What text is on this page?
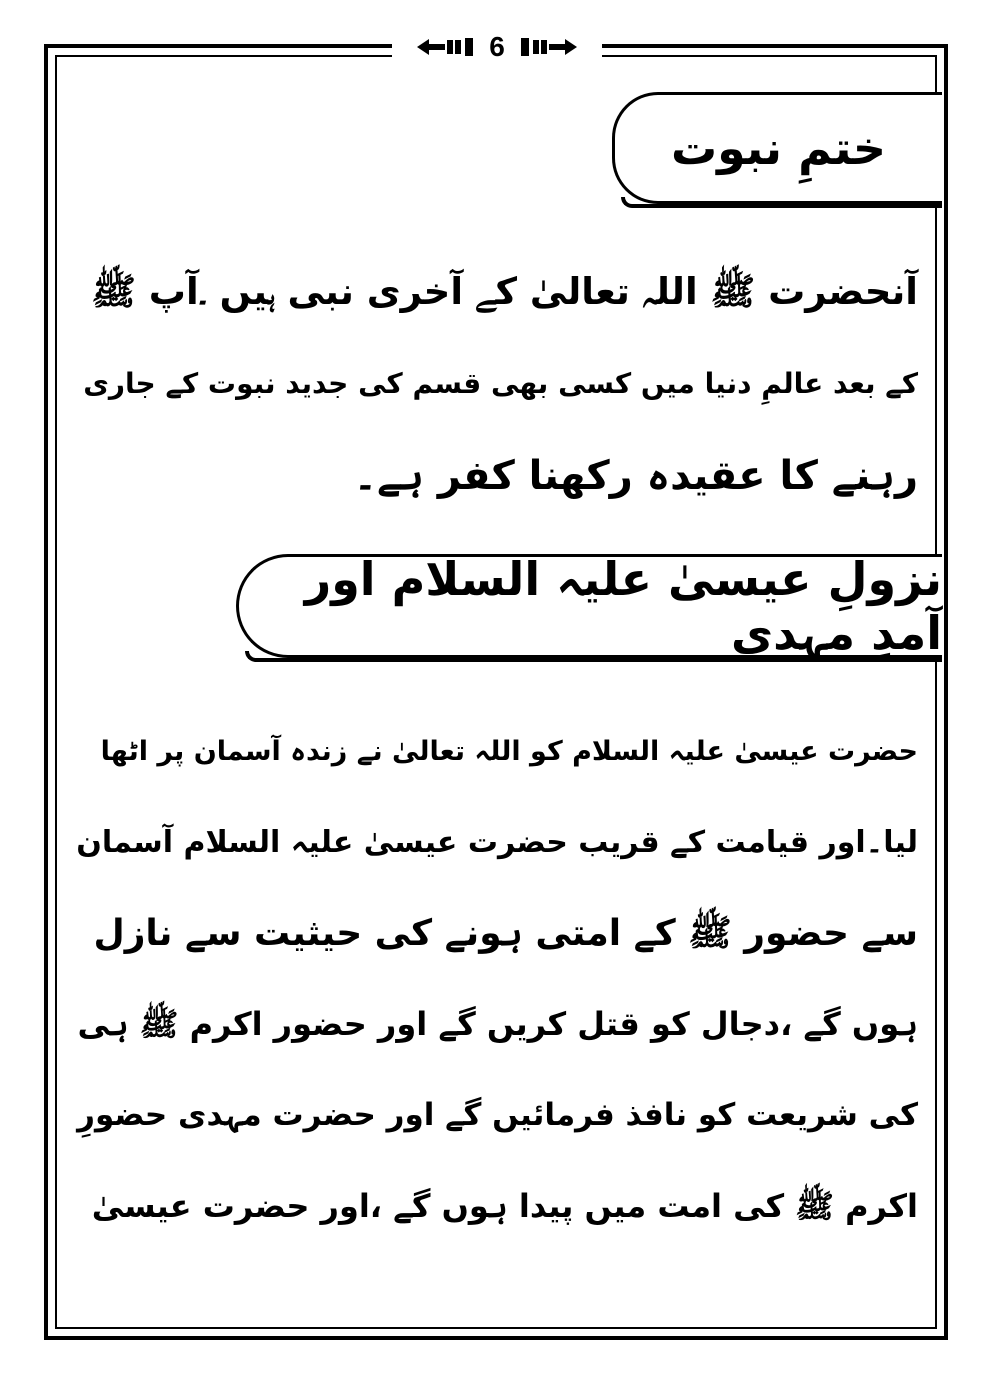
6
ختمِ نبوت
آنحضرت ﷺ اللہ تعالیٰ کے آخری نبی ہیں ۔آپ ﷺ
کے بعد عالمِ دنیا میں کسی بھی قسم کی جدید نبوت کے جاری
رہنے کا عقیدہ رکھنا کفر ہے۔
نزولِ عیسیٰ علیہ السلام اور آمدِ مہدی
حضرت عیسیٰ علیہ السلام کو اللہ تعالیٰ نے زندہ آسمان پر اٹھا
لیا۔اور قیامت کے قریب حضرت عیسیٰ علیہ السلام آسمان
سے حضور ﷺ کے امتی ہونے کی حیثیت سے نازل
ہوں گے ،دجال کو قتل کریں گے اور حضور اکرم ﷺ ہی
کی شریعت کو نافذ فرمائیں گے اور حضرت مہدی حضورِ
اکرم ﷺ کی امت میں پیدا ہوں گے ،اور حضرت عیسیٰ
